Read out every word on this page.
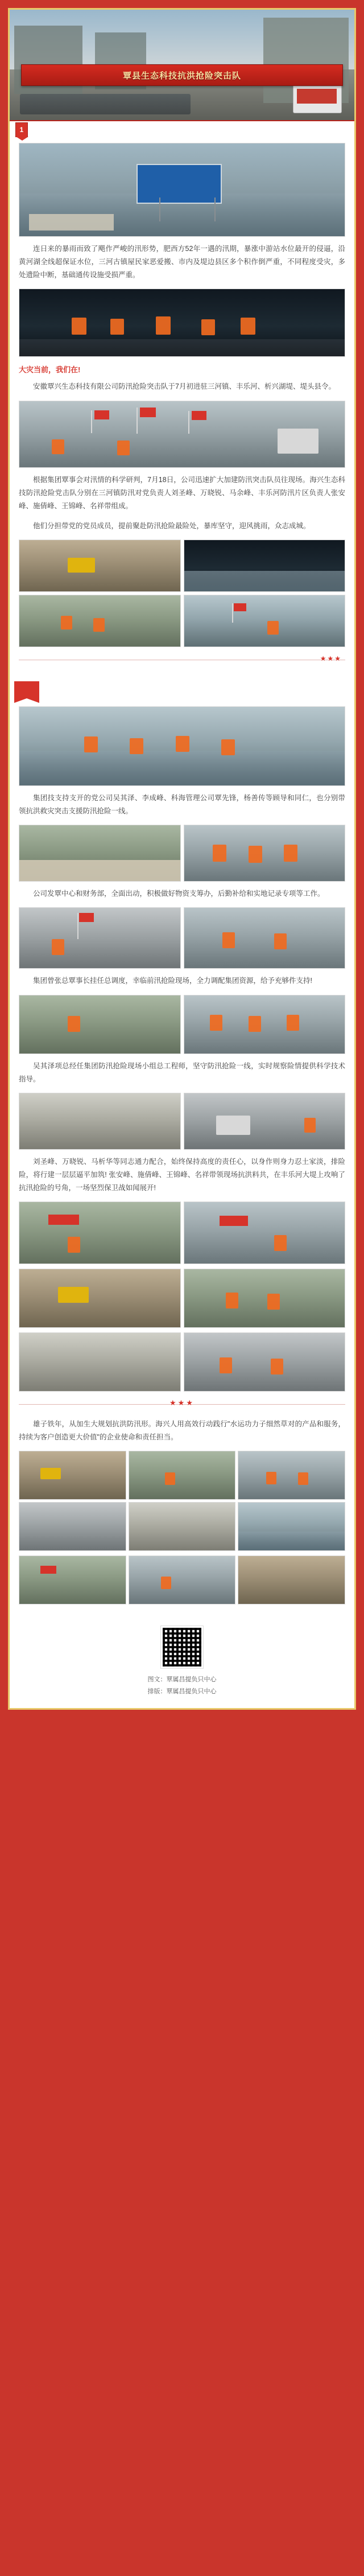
覃县生态科技抗洪抢险突击队
1

连日来的暴雨而致了飓作严峻的汛形势，肥西方52年一遇的汛期，暴涨中游站水位最开的侵逼，沿黄河湖全线超保证水位，三河古镇屋民家恶爱搬、市内及堤边县区多个积作倒严重，不同程度受灾，多处遗险中断，基础通传设施受损严重。

大灾当前，我们在!

安徽覃兴生态科技有限公司防汛抢险突击队于7月初进驻三河镇、丰乐河、析兴湖堤、堤头县令。

根据集团覃事会对汛情的科学研判，7月18日，公司迅速扩大加建防汛突击队员往现场。海兴生态科技防汛抢险党击队分别在三河镇防汛对党负责人刘圣峰、万晓锐、马余峰、丰乐河防汛片区负责人张安峰、施倩峰、王锦峰、名祥带组成。

他们分担带党的党员成员，提前聚赴防汛抢险最险处，暴库坚守，迎风挑雨，众志成城。

★★★

集团技支持支开的党公司吴其泽、李成峰、科海管理公司覃先锋，杨善传等顾导和同仁，也分别带领抗洪救灾突击支援防汛抢险一线。

公司发覃中心和财务部，全面出动，积极做好物资支筹办，后勤补给和实地记录专项等工作。

集团曾张总覃事长挂任总调度，幸临前汛抢险现场，全力调配集团资源，给予充够件支持!

吴其泽项总经任集团防汛抢险现场小组总工程师，坚守防汛抢险一线，实时规察险情提供科学技术指导。

刘圣峰、万晓锐、马析华等同志通力配合，始终保持高度的责任心，以身作则身力忍土家淡，排险险，将行建一层层逼平加筑! 张安峰、施倩峰、王锦峰、名祥带领现场抗洪料共，在丰乐河大堤上攻响了抗汛抢险的号角，一场坚烈保卫战如闻展开!

★★★

雄子铁年，从加生大规划抗洪防汛形。海兴人用高效行动践行"水运功力子细然草对的产品和服务，持续为客户创造更大价值"的企业使命和责任担当。

图文：覃属昌提负只中心
排版：覃属昌提负只中心
